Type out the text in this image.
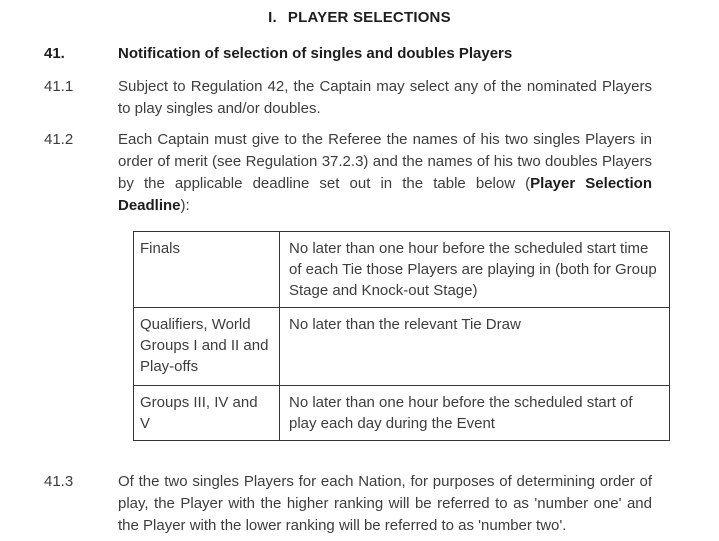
I. PLAYER SELECTIONS
41.	Notification of selection of singles and doubles Players
41.1	Subject to Regulation 42, the Captain may select any of the nominated Players to play singles and/or doubles.
41.2	Each Captain must give to the Referee the names of his two singles Players in order of merit (see Regulation 37.2.3) and the names of his two doubles Players by the applicable deadline set out in the table below (Player Selection Deadline):
Finals	No later than one hour before the scheduled start time of each Tie those Players are playing in (both for Group Stage and Knock-out Stage)
Qualifiers, World Groups I and II and Play-offs	No later than the relevant Tie Draw
Groups III, IV and V	No later than one hour before the scheduled start of play each day during the Event
41.3	Of the two singles Players for each Nation, for purposes of determining order of play, the Player with the higher ranking will be referred to as 'number one' and the Player with the lower ranking will be referred to as 'number two'.
